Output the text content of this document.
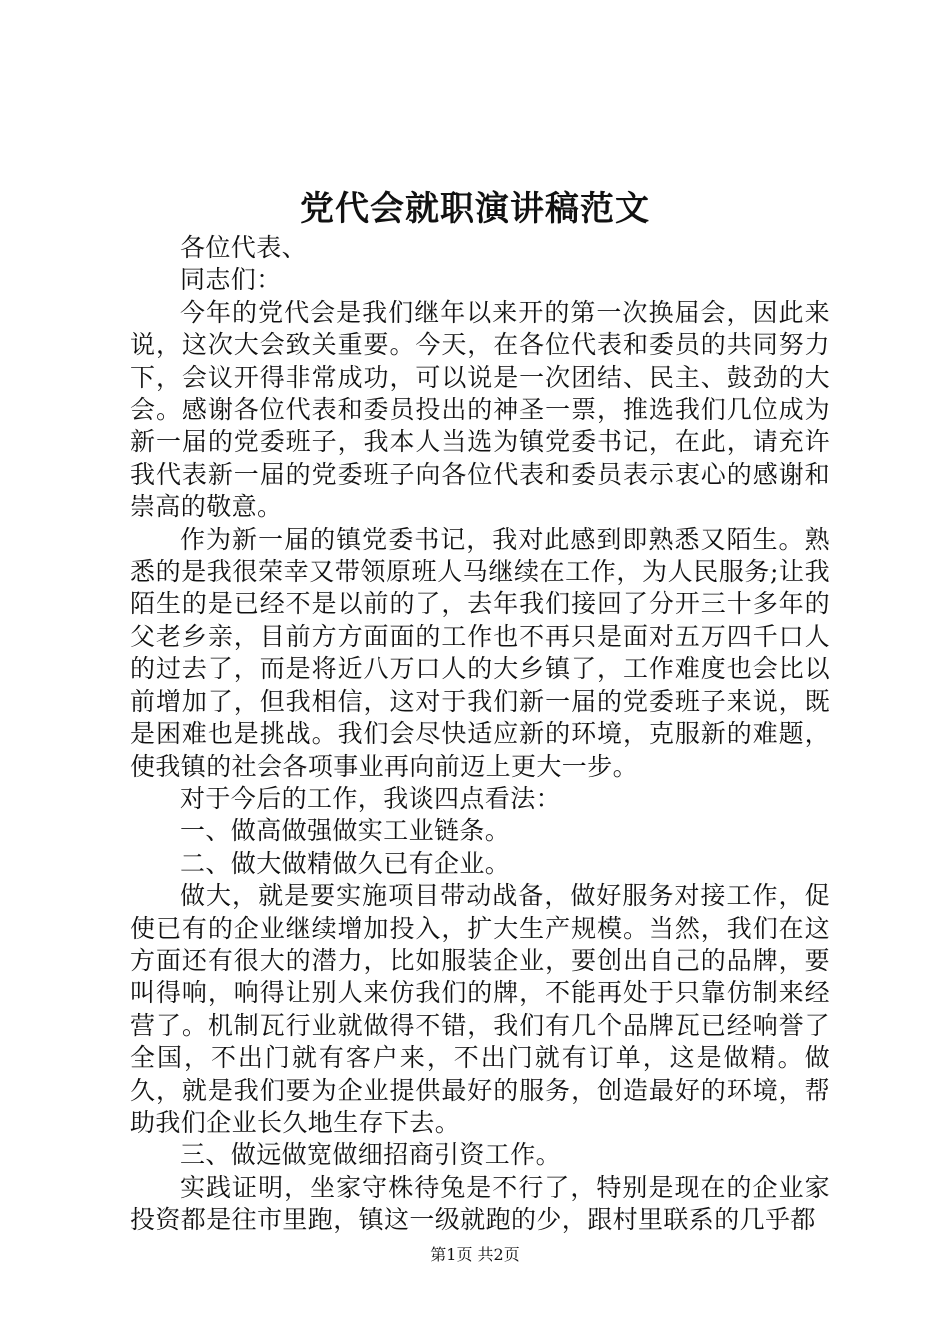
党代会就职演讲稿范文

各位代表、

同志们：

今年的党代会是我们继年以来开的第一次换届会，因此来说，这次大会致关重要。今天，在各位代表和委员的共同努力下，会议开得非常成功，可以说是一次团结、民主、鼓劲的大会。感谢各位代表和委员投出的神圣一票，推选我们几位成为新一届的党委班子，我本人当选为镇党委书记，在此，请充许我代表新一届的党委班子向各位代表和委员表示衷心的感谢和崇高的敬意。

作为新一届的镇党委书记，我对此感到即熟悉又陌生。熟悉的是我很荣幸又带领原班人马继续在工作，为人民服务;让我陌生的是已经不是以前的了，去年我们接回了分开三十多年的父老乡亲，目前方方面面的工作也不再只是面对五万四千口人的过去了，而是将近八万口人的大乡镇了，工作难度也会比以前增加了，但我相信，这对于我们新一届的党委班子来说，既是困难也是挑战。我们会尽快适应新的环境，克服新的难题，使我镇的社会各项事业再向前迈上更大一步。

对于今后的工作，我谈四点看法：

一、做高做强做实工业链条。

二、做大做精做久已有企业。

做大，就是要实施项目带动战备，做好服务对接工作，促使已有的企业继续增加投入，扩大生产规模。当然，我们在这方面还有很大的潜力，比如服装企业，要创出自己的品牌，要叫得响，响得让别人来仿我们的牌，不能再处于只靠仿制来经营了。机制瓦行业就做得不错，我们有几个品牌瓦已经响誉了全国，不出门就有客户来，不出门就有订单，这是做精。做久，就是我们要为企业提供最好的服务，创造最好的环境，帮助我们企业长久地生存下去。

三、做远做宽做细招商引资工作。

实践证明，坐家守株待兔是不行了，特别是现在的企业家投资都是往市里跑，镇这一级就跑的少，跟村里联系的几乎都

第1页 共2页
